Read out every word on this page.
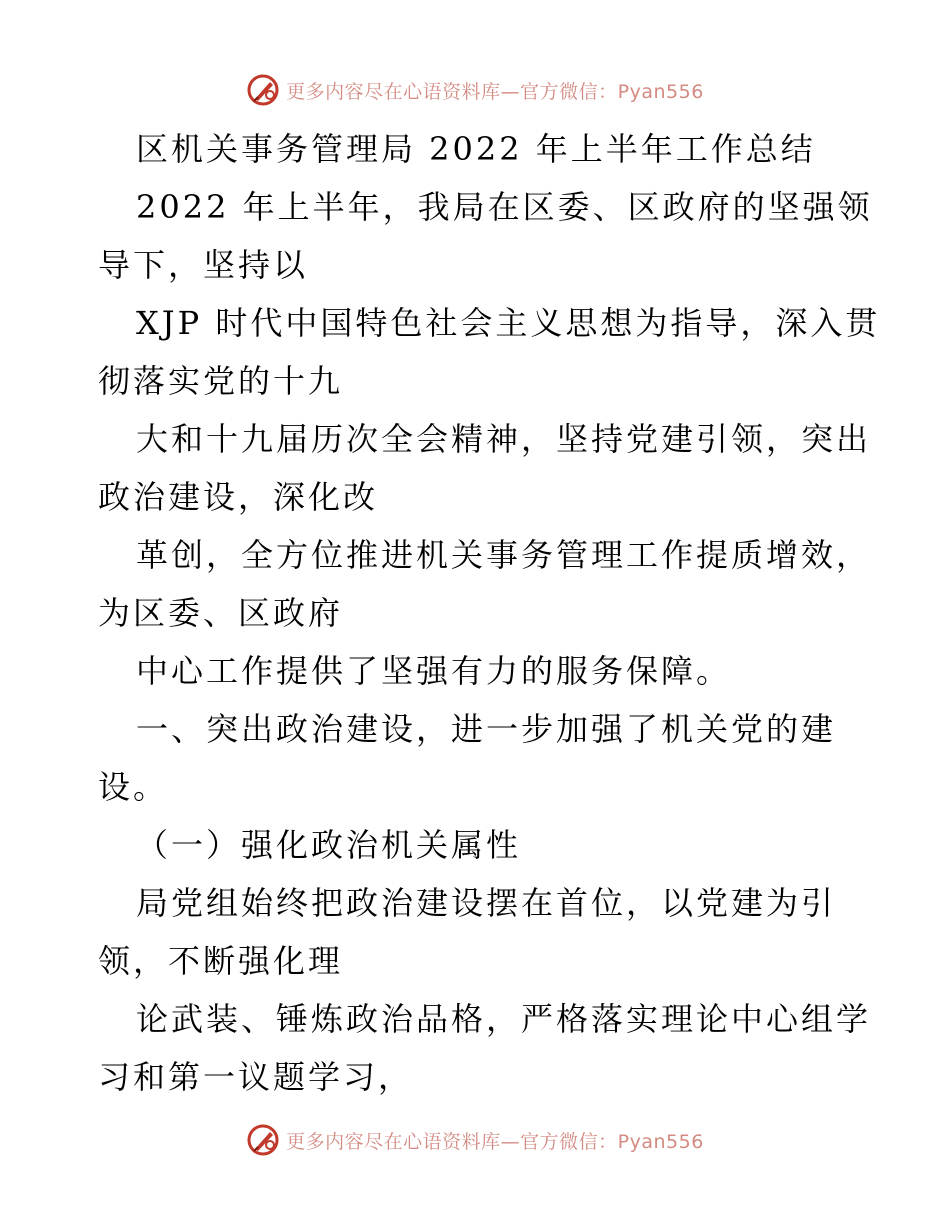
更多内容尽在心语资料库—官方微信：Pyan556
区机关事务管理局 2022 年上半年工作总结
2022 年上半年，我局在区委、区政府的坚强领
导下，坚持以
XJP 时代中国特色社会主义思想为指导，深入贯
彻落实党的十九
大和十九届历次全会精神，坚持党建引领，突出
政治建设，深化改
革创，全方位推进机关事务管理工作提质增效，
为区委、区政府
中心工作提供了坚强有力的服务保障。
一、突出政治建设，进一步加强了机关党的建
设。
（一）强化政治机关属性
局党组始终把政治建设摆在首位，以党建为引
领，不断强化理
论武装、锤炼政治品格，严格落实理论中心组学
习和第一议题学习，
更多内容尽在心语资料库—官方微信：Pyan556
